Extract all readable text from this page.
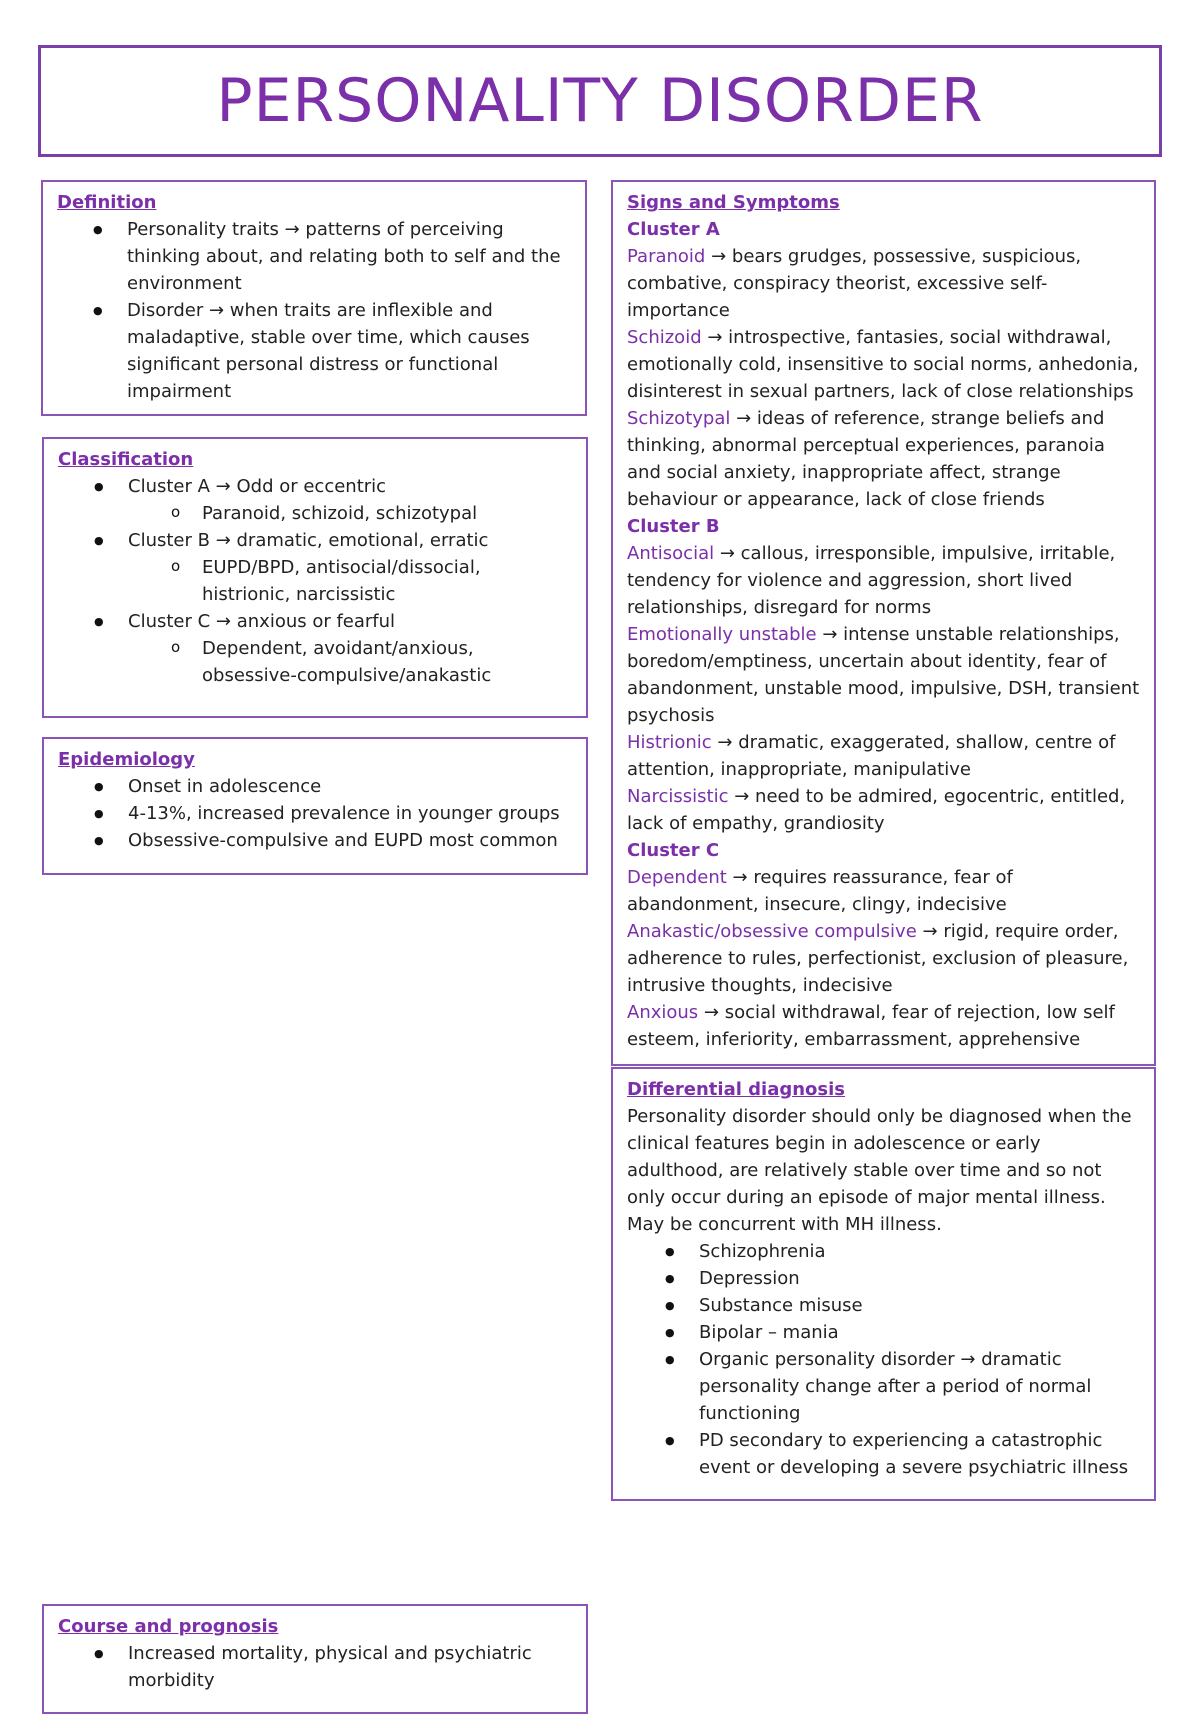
PERSONALITY DISORDER
Definition
● Personality traits → patterns of perceiving thinking about, and relating both to self and the environment
● Disorder → when traits are inflexible and maladaptive, stable over time, which causes significant personal distress or functional impairment
Classification
● Cluster A → Odd or eccentric
o Paranoid, schizoid, schizotypal
● Cluster B → dramatic, emotional, erratic
o EUPD/BPD, antisocial/dissocial, histrionic, narcissistic
● Cluster C → anxious or fearful
o Dependent, avoidant/anxious, obsessive-compulsive/anakastic
Epidemiology
● Onset in adolescence
● 4-13%, increased prevalence in younger groups
● Obsessive-compulsive and EUPD most common
Course and prognosis
● Increased mortality, physical and psychiatric morbidity
Signs and Symptoms
Cluster A

Paranoid → bears grudges, possessive, suspicious, combative, conspiracy theorist, excessive self-importance

Schizoid → introspective, fantasies, social withdrawal, emotionally cold, insensitive to social norms, anhedonia, disinterest in sexual partners, lack of close relationships

Schizotypal → ideas of reference, strange beliefs and thinking, abnormal perceptual experiences, paranoia and social anxiety, inappropriate affect, strange behaviour or appearance, lack of close friends

Cluster B

Antisocial → callous, irresponsible, impulsive, irritable, tendency for violence and aggression, short lived relationships, disregard for norms

Emotionally unstable → intense unstable relationships, boredom/emptiness, uncertain about identity, fear of abandonment, unstable mood, impulsive, DSH, transient psychosis

Histrionic → dramatic, exaggerated, shallow, centre of attention, inappropriate, manipulative

Narcissistic → need to be admired, egocentric, entitled, lack of empathy, grandiosity

Cluster C

Dependent → requires reassurance, fear of abandonment, insecure, clingy, indecisive

Anakastic/obsessive compulsive → rigid, require order, adherence to rules, perfectionist, exclusion of pleasure, intrusive thoughts, indecisive

Anxious → social withdrawal, fear of rejection, low self esteem, inferiority, embarrassment, apprehensive

Differential diagnosis

Personality disorder should only be diagnosed when the clinical features begin in adolescence or early adulthood, are relatively stable over time and so not only occur during an episode of major mental illness. May be concurrent with MH illness.

● Schizophrenia
● Depression
● Substance misuse
● Bipolar – mania
● Organic personality disorder → dramatic personality change after a period of normal functioning
● PD secondary to experiencing a catastrophic event or developing a severe psychiatric illness
